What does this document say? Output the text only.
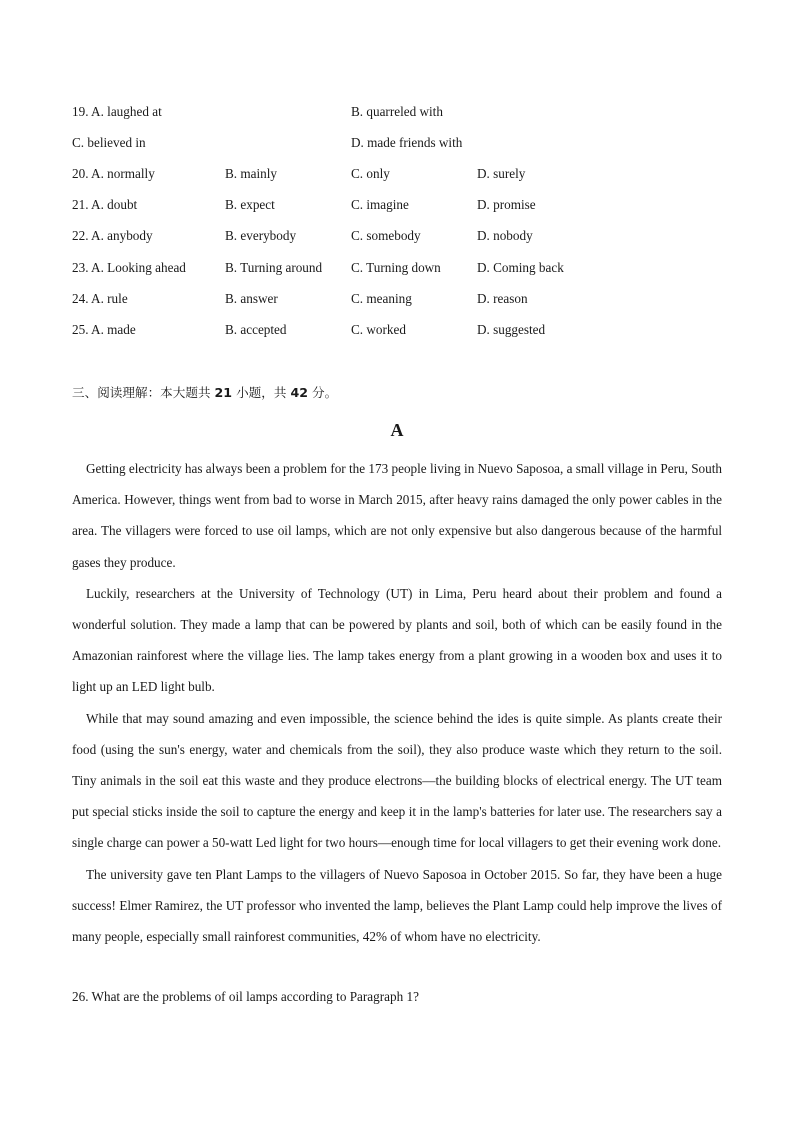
19. A. laughed at	B. quarreled with
C. believed in	D. made friends with
20. A. normally	B. mainly	C. only	D. surely
21. A. doubt	B. expect	C. imagine	D. promise
22. A. anybody	B. everybody	C. somebody	D. nobody
23. A. Looking ahead	B. Turning around C. Turning down	D. Coming back
24. A. rule	B. answer	C. meaning	D. reason
25. A. made	B. accepted	C. worked	D. suggested
三、阅读理解：本大题共 21 小题，共 42 分。
A

Getting electricity has always been a problem for the 173 people living in Nuevo Saposoa, a small village in Peru, South America. However, things went from bad to worse in March 2015, after heavy rains damaged the only power cables in the area. The villagers were forced to use oil lamps, which are not only expensive but also dangerous because of the harmful gases they produce.

Luckily, researchers at the University of Technology (UT) in Lima, Peru heard about their problem and found a wonderful solution. They made a lamp that can be powered by plants and soil, both of which can be easily found in the Amazonian rainforest where the village lies. The lamp takes energy from a plant growing in a wooden box and uses it to light up an LED light bulb.

While that may sound amazing and even impossible, the science behind the ides is quite simple. As plants create their food (using the sun's energy, water and chemicals from the soil), they also produce waste which they return to the soil. Tiny animals in the soil eat this waste and they produce electrons—the building blocks of electrical energy. The UT team put special sticks inside the soil to capture the energy and keep it in the lamp's batteries for later use. The researchers say a single charge can power a 50-watt Led light for two hours—enough time for local villagers to get their evening work done.

The university gave ten Plant Lamps to the villagers of Nuevo Saposoa in October 2015. So far, they have been a huge success! Elmer Ramirez, the UT professor who invented the lamp, believes the Plant Lamp could help improve the lives of many people, especially small rainforest communities, 42% of whom have no electricity.

26. What are the problems of oil lamps according to Paragraph 1?
